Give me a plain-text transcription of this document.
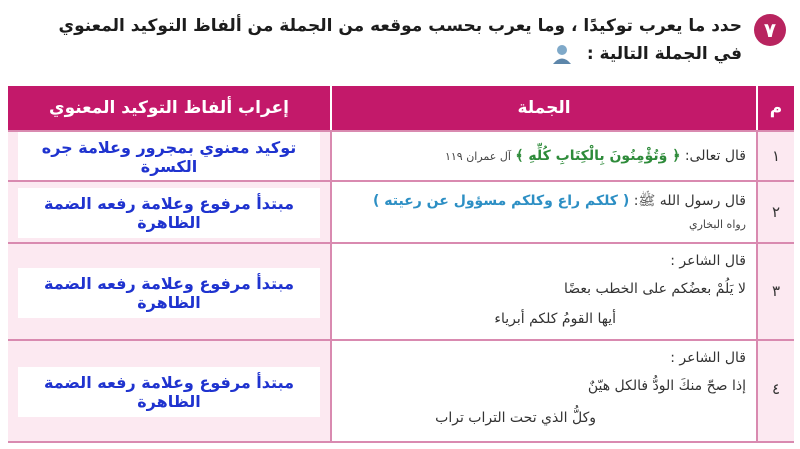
٧
حدد ما يعرب توكيدًا ، وما يعرب بحسب موقعه من الجملة من ألفاظ التوكيد المعنوي
في الجملة التالية :
م
الجملة
إعراب ألفاظ التوكيد المعنوي
١
قال تعالى: ﴿ وَتُؤْمِنُونَ بِالْكِتَابِ كُلِّهِ ﴾ آل عمران ١١٩
توكيد معنوي بمجرور وعلامة جره الكسرة
٢
قال رسول الله ﷺ: ( كلكم راع وكلكم مسؤول عن رعيته )
رواه البخاري
مبتدأ مرفوع وعلامة رفعه الضمة الظاهرة
٣
قال الشاعر :
لا يَلُمْ بعضُكم على الخطب بعضًا
أيها القومُ كلكم أبرياء
مبتدأ مرفوع وعلامة رفعه الضمة الظاهرة
٤
قال الشاعر :
إذا صحّ منكَ الودُّ فالكل هيّنٌ
وكلُّ الذي تحت التراب تراب
مبتدأ مرفوع وعلامة رفعه الضمة الظاهرة
